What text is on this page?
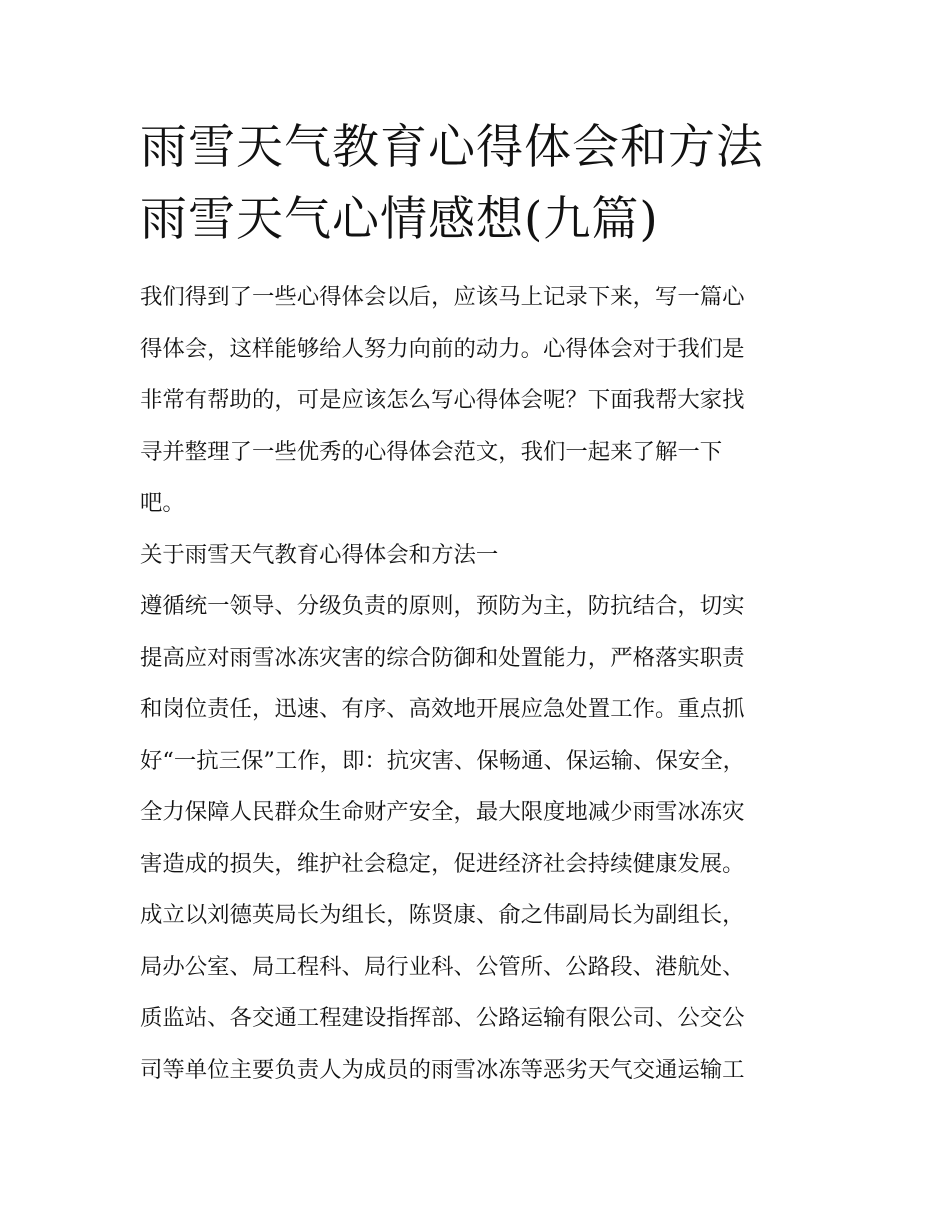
雨雪天气教育心得体会和方法
雨雪天气心情感想(九篇)
我们得到了一些心得体会以后，应该马上记录下来，写一篇心
得体会，这样能够给人努力向前的动力。心得体会对于我们是
非常有帮助的，可是应该怎么写心得体会呢？下面我帮大家找
寻并整理了一些优秀的心得体会范文，我们一起来了解一下
吧。
关于雨雪天气教育心得体会和方法一
遵循统一领导、分级负责的原则，预防为主，防抗结合，切实
提高应对雨雪冰冻灾害的综合防御和处置能力，严格落实职责
和岗位责任，迅速、有序、高效地开展应急处置工作。重点抓
好“一抗三保”工作，即：抗灾害、保畅通、保运输、保安全，
全力保障人民群众生命财产安全，最大限度地减少雨雪冰冻灾
害造成的损失，维护社会稳定，促进经济社会持续健康发展。
成立以刘德英局长为组长，陈贤康、俞之伟副局长为副组长，
局办公室、局工程科、局行业科、公管所、公路段、港航处、
质监站、各交通工程建设指挥部、公路运输有限公司、公交公
司等单位主要负责人为成员的雨雪冰冻等恶劣天气交通运输工
